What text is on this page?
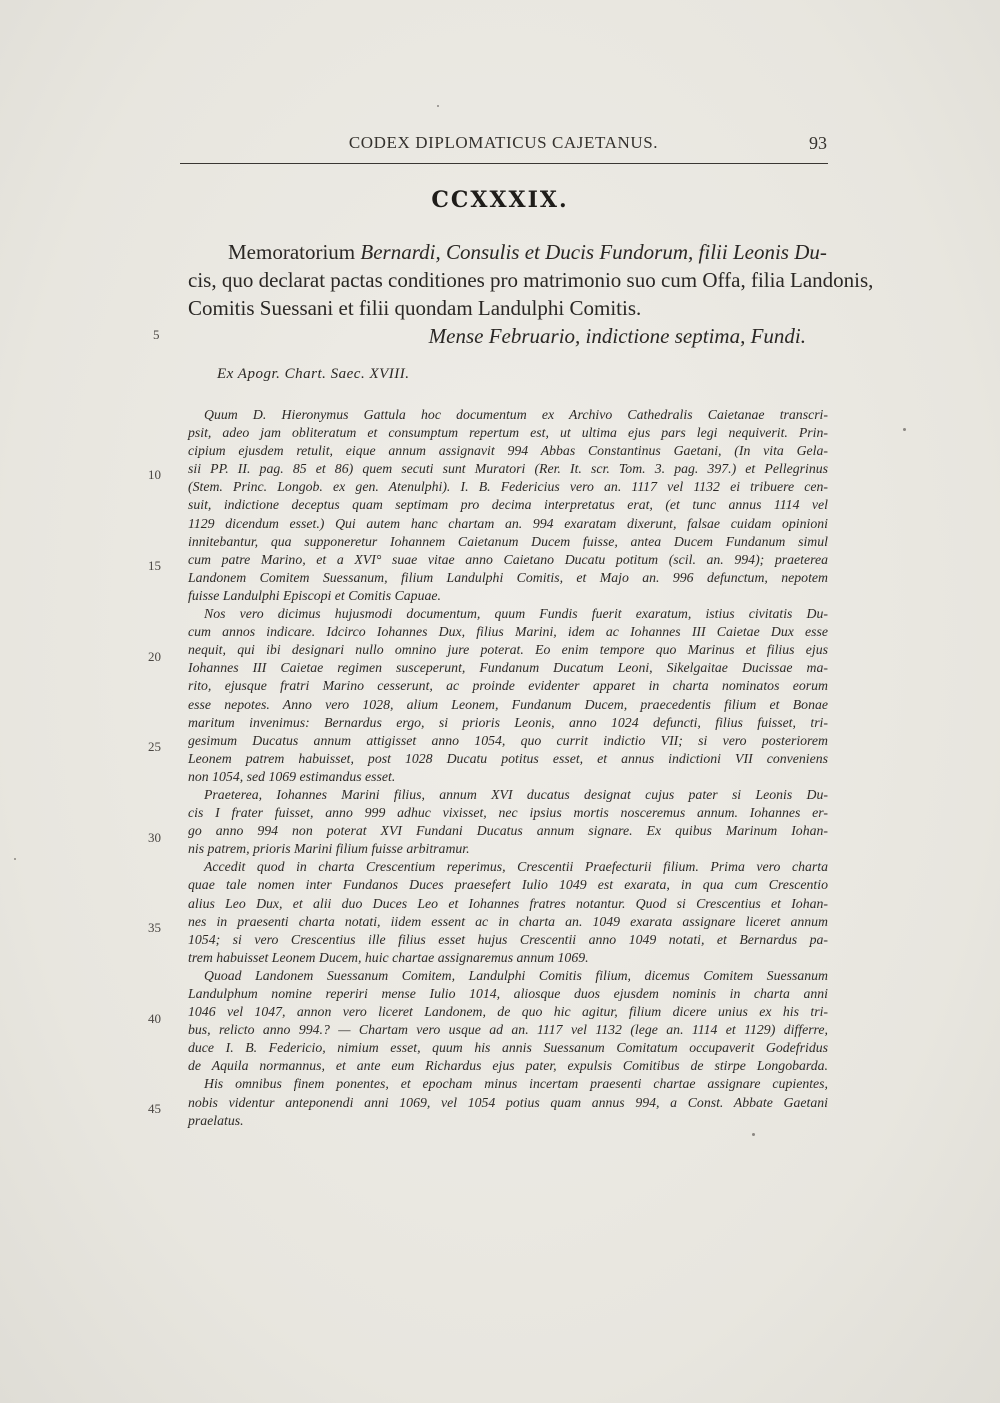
CODEX DIPLOMATICUS CAJETANUS.	93
CCXXXIX.
Memoratorium Bernardi, Consulis et Ducis Fundorum, filii Leonis Du-
cis, quo declarat pactas conditiones pro matrimonio suo cum Offa, filia Landonis,
Comitis Suessani et filii quondam Landulphi Comitis.
Mense Februario, indictione septima, Fundi.
Ex Apogr. Chart. Saec. XVIII.
Quum D. Hieronymus Gattula hoc documentum ex Archivo Cathedralis Caietanae transcri-
psit, adeo jam obliteratum et consumptum repertum est, ut ultima ejus pars legi nequiverit. Prin-
cipium ejusdem retulit, eique annum assignavit 994 Abbas Constantinus Gaetani, (In vita Gela-
sii PP. II. pag. 85 et 86) quem secuti sunt Muratori (Rer. It. scr. Tom. 3. pag. 397.) et Pellegrinus
(Stem. Princ. Longob. ex gen. Atenulphi). I. B. Federicius vero an. 1117 vel 1132 ei tribuere cen-
suit, indictione deceptus quam septimam pro decima interpretatus erat, (et tunc annus 1114 vel
1129 dicendum esset.) Qui autem hanc chartam an. 994 exaratam dixerunt, falsae cuidam opinioni
innitebantur, qua supponeretur Iohannem Caietanum Ducem fuisse, antea Ducem Fundanum simul
cum patre Marino, et a XVI° suae vitae anno Caietano Ducatu potitum (scil. an. 994); praeterea
Landonem Comitem Suessanum, filium Landulphi Comitis, et Majo an. 996 defunctum, nepotem
fuisse Landulphi Episcopi et Comitis Capuae.
Nos vero dicimus hujusmodi documentum, quum Fundis fuerit exaratum, istius civitatis Du-
cum annos indicare. Idcirco Iohannes Dux, filius Marini, idem ac Iohannes III Caietae Dux esse
nequit, qui ibi designari nullo omnino jure poterat. Eo enim tempore quo Marinus et filius ejus
Iohannes III Caietae regimen susceperunt, Fundanum Ducatum Leoni, Sikelgaitae Ducissae ma-
rito, ejusque fratri Marino cesserunt, ac proinde evidenter apparet in charta nominatos eorum
esse nepotes. Anno vero 1028, alium Leonem, Fundanum Ducem, praecedentis filium et Bonae
maritum invenimus: Bernardus ergo, si prioris Leonis, anno 1024 defuncti, filius fuisset, tri-
gesimum Ducatus annum attigisset anno 1054, quo currit indictio VII; si vero posteriorem
Leonem patrem habuisset, post 1028 Ducatu potitus esset, et annus indictioni VII conveniens
non 1054, sed 1069 estimandus esset.
Praeterea, Iohannes Marini filius, annum XVI ducatus designat cujus pater si Leonis Du-
cis I frater fuisset, anno 999 adhuc vixisset, nec ipsius mortis nosceremus annum. Iohannes er-
go anno 994 non poterat XVI Fundani Ducatus annum signare. Ex quibus Marinum Iohan-
nis patrem, prioris Marini filium fuisse arbitramur.
Accedit quod in charta Crescentium reperimus, Crescentii Praefecturii filium. Prima vero charta
quae tale nomen inter Fundanos Duces praesefert Iulio 1049 est exarata, in qua cum Crescentio
alius Leo Dux, et alii duo Duces Leo et Iohannes fratres notantur. Quod si Crescentius et Iohan-
nes in praesenti charta notati, iidem essent ac in charta an. 1049 exarata assignare liceret annum
1054; si vero Crescentius ille filius esset hujus Crescentii anno 1049 notati, et Bernardus pa-
trem habuisset Leonem Ducem, huic chartae assignaremus annum 1069.
Quoad Landonem Suessanum Comitem, Landulphi Comitis filium, dicemus Comitem Suessanum
Landulphum nomine reperiri mense Iulio 1014, aliosque duos ejusdem nominis in charta anni
1046 vel 1047, annon vero liceret Landonem, de quo hic agitur, filium dicere unius ex his tri-
bus, relicto anno 994.? — Chartam vero usque ad an. 1117 vel 1132 (lege an. 1114 et 1129) differre,
duce I. B. Federicio, nimium esset, quum his annis Suessanum Comitatum occupaverit Godefridus
de Aquila normannus, et ante eum Richardus ejus pater, expulsis Comitibus de stirpe Longobarda.
His omnibus finem ponentes, et epocham minus incertam praesenti chartae assignare cupientes,
nobis videntur anteponendi anni 1069, vel 1054 potius quam annus 994, a Const. Abbate Gaetani
praelatus.
5
10
15
20
25
30
35
40
45
